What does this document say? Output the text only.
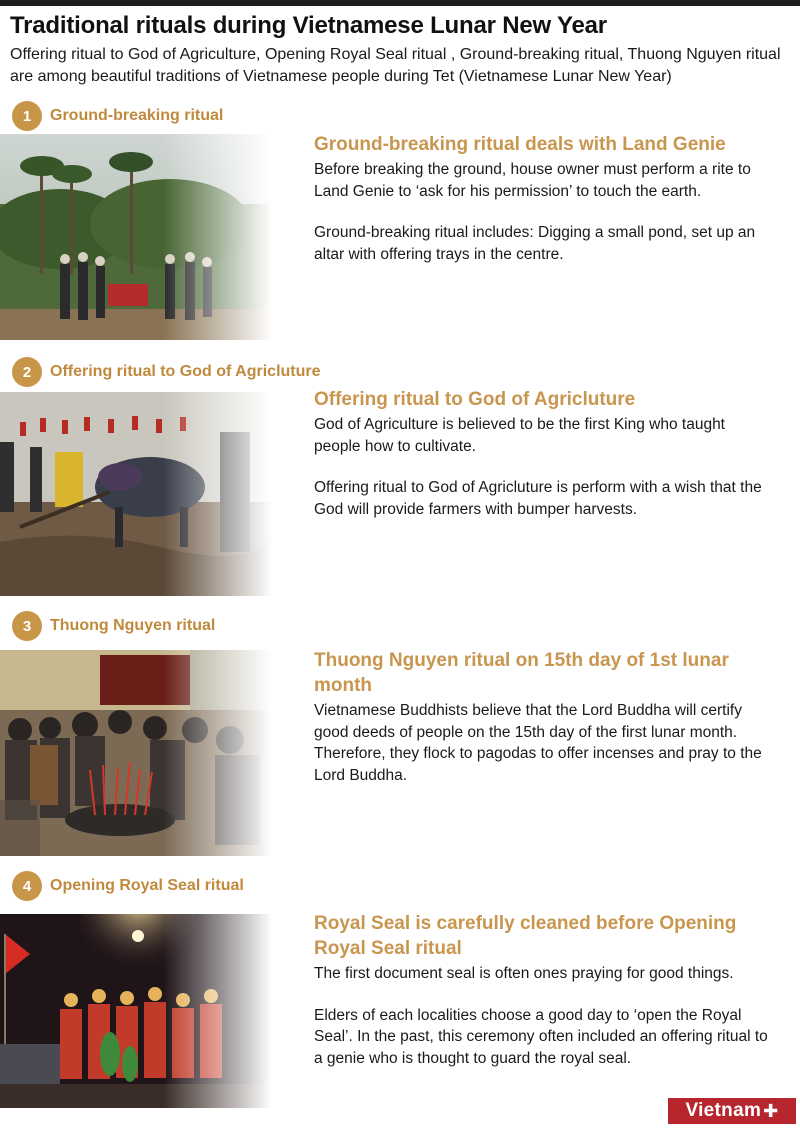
Traditional rituals during Vietnamese Lunar New Year

Offering ritual to God of Agriculture, Opening Royal Seal ritual , Ground-breaking ritual, Thuong Nguyen ritual are among beautiful traditions of Vietnamese people during Tet (Vietnamese Lunar New Year)

1	Ground-breaking ritual
Ground-breaking ritual deals with Land Genie

Before breaking the ground, house owner must perform a rite to Land Genie to ‘ask for his permission’ to touch the earth.

Ground-breaking ritual includes: Digging a small pond, set up an altar with offering trays in the centre.

2	Offering ritual to God of Agricluture
Offering ritual to God of Agricluture

God of Agriculture is believed to be the first King who taught people how to cultivate.

Offering ritual to God of Agricluture is perform with a wish that the God will provide farmers with bumper harvests.

3	Thuong Nguyen ritual
Thuong Nguyen ritual on 15th day of 1st lunar month

Vietnamese Buddhists believe that the Lord Buddha will certify good deeds of people on the 15th day of the first lunar month. Therefore, they flock to pagodas to offer incenses and pray to the Lord Buddha.

4	Opening Royal Seal ritual
Royal Seal is carefully cleaned before Opening Royal Seal ritual

The first document seal is often ones praying for good things.

Elders of each localities choose a good day to ‘open the Royal Seal’. In the past, this ceremony often included an offering ritual to a genie who is thought to guard the royal seal.

Vietnam ✚
